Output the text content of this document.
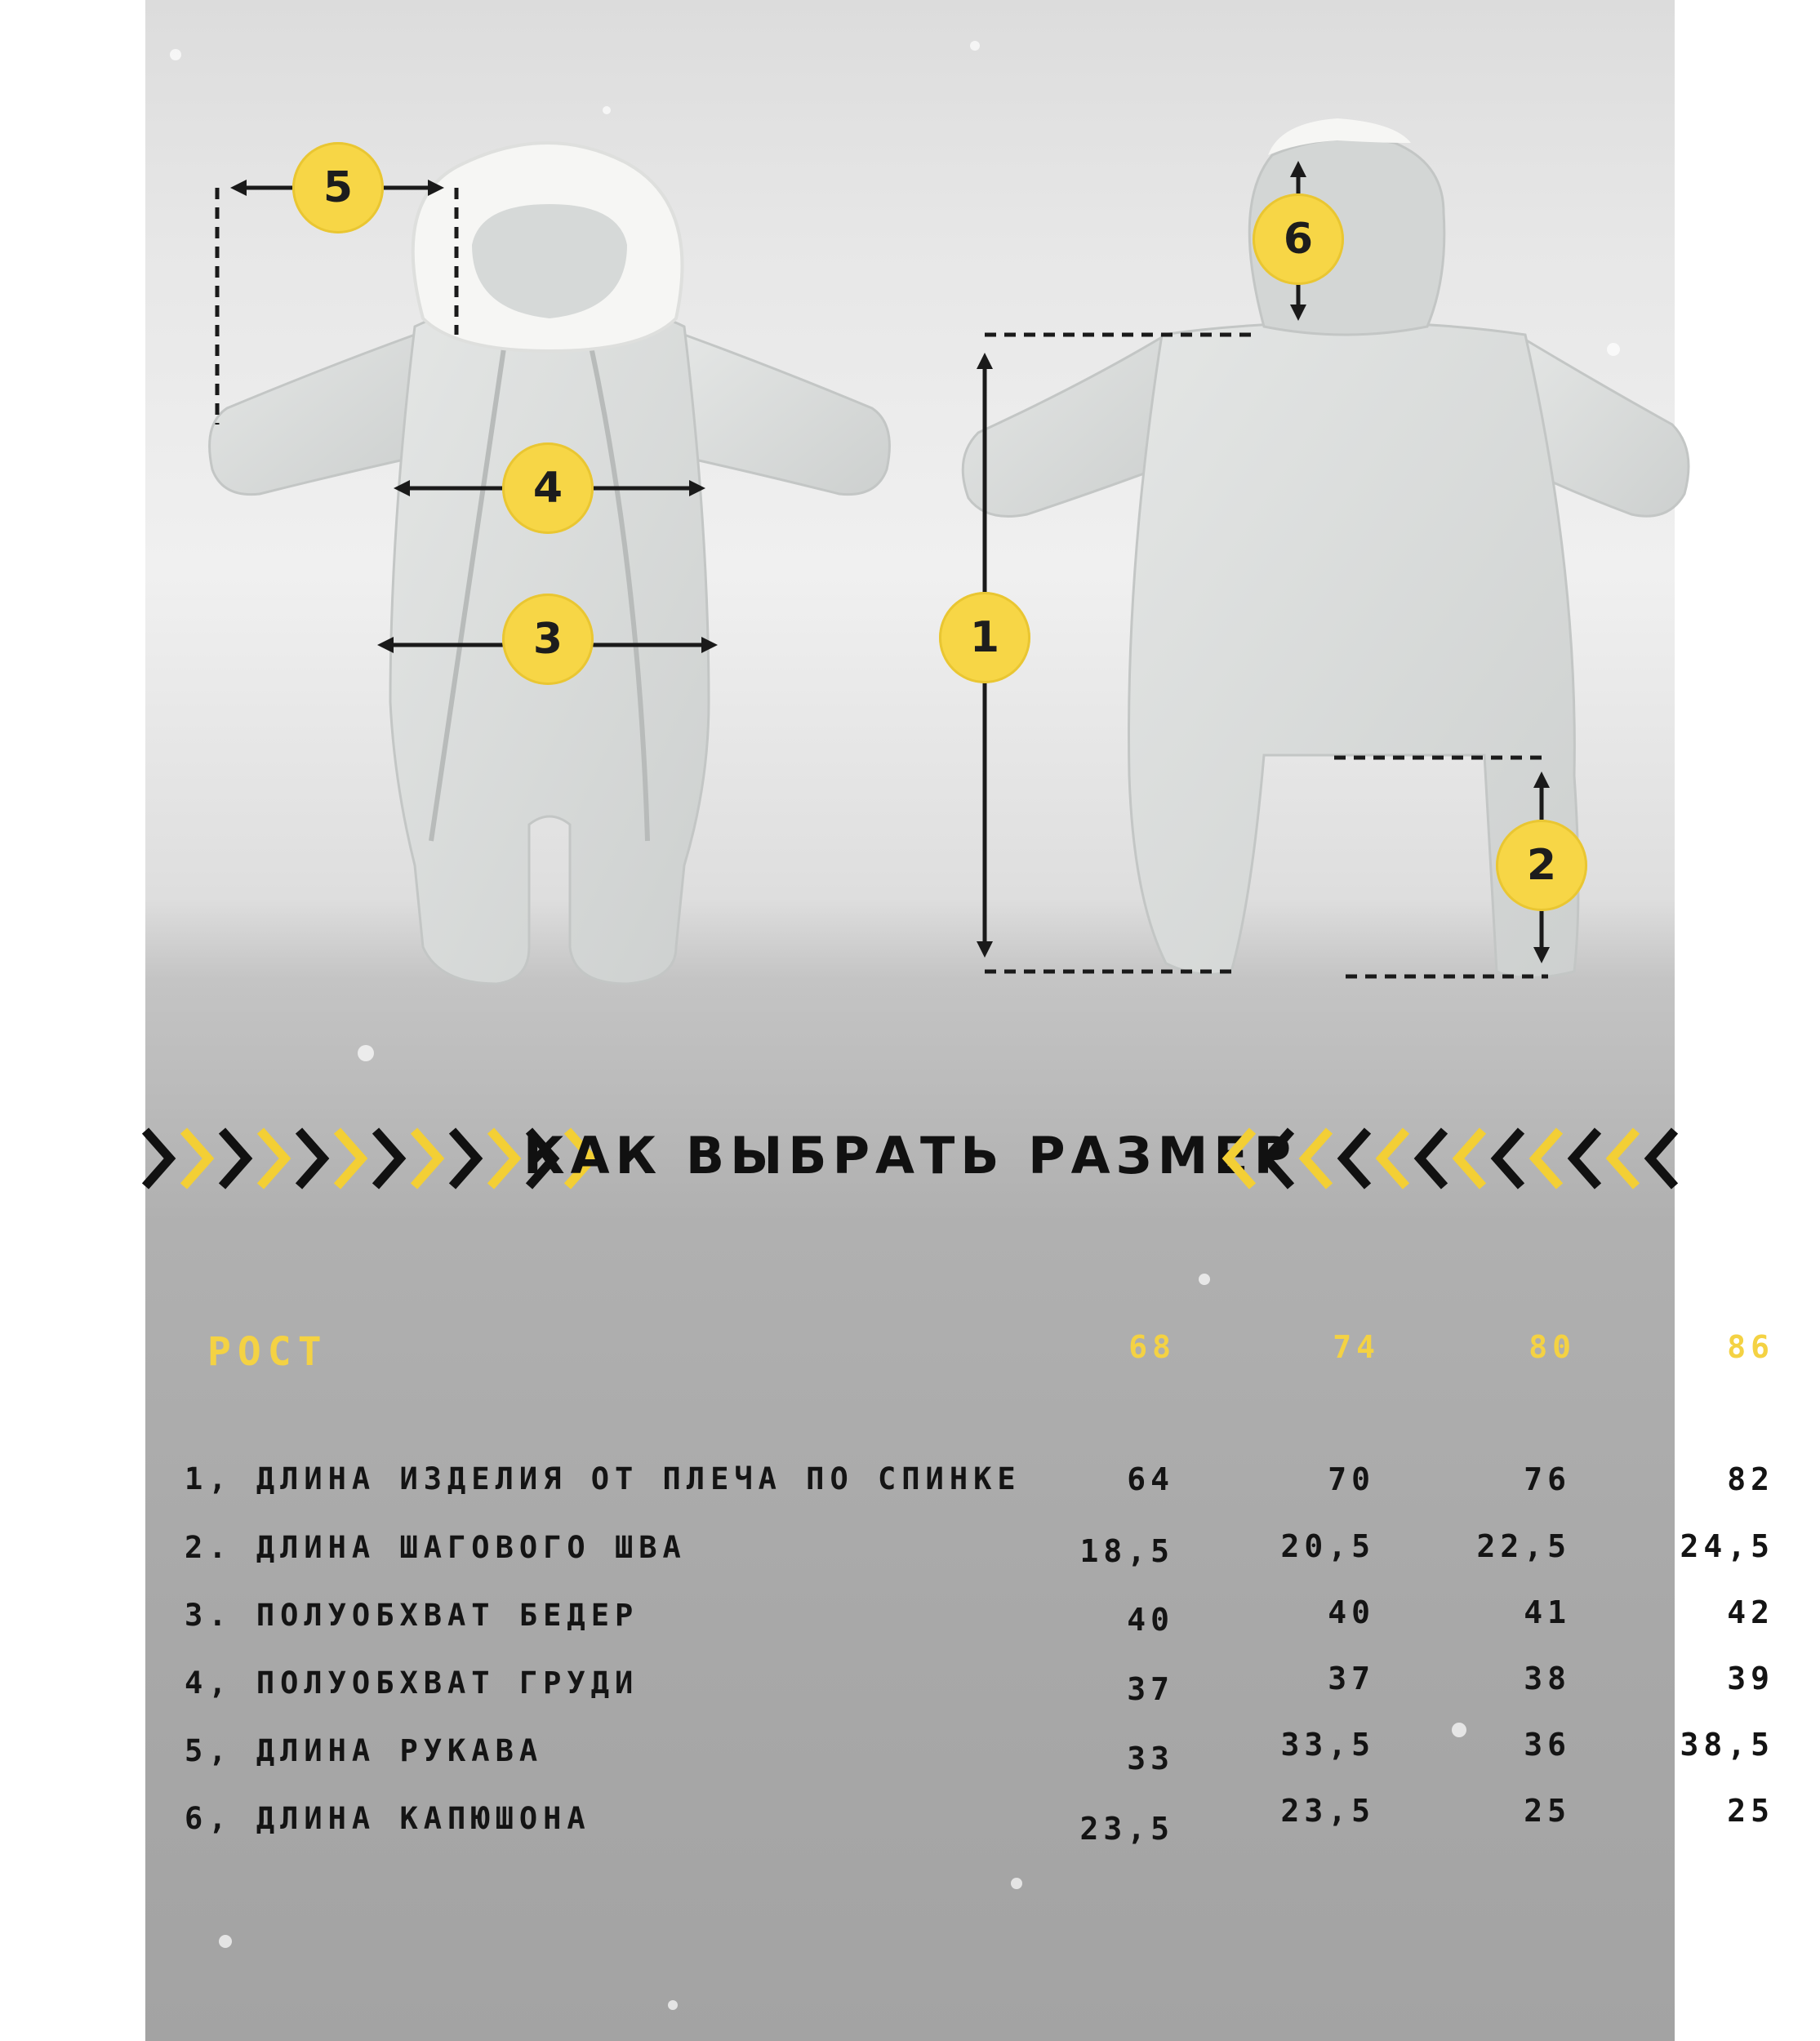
5
4
3	1
6
2
КАК ВЫБРАТЬ РАЗМЕР
РОСТ	68	74	80	86
1, ДЛИНА ИЗДЕЛИЯ ОТ ПЛЕЧА ПО СПИНКЕ	64	70	76	82
2. ДЛИНА ШАГОВОГО ШВА	18,5	20,5	22,5	24,5
3. ПОЛУОБХВАТ БЕДЕР	40	40	41	42
4, ПОЛУОБХВАТ ГРУДИ	37	37	38	39
5, ДЛИНА РУКАВА	33	33,5	36	38,5
6, ДЛИНА КАПЮШОНА	23,5	23,5	25	25
